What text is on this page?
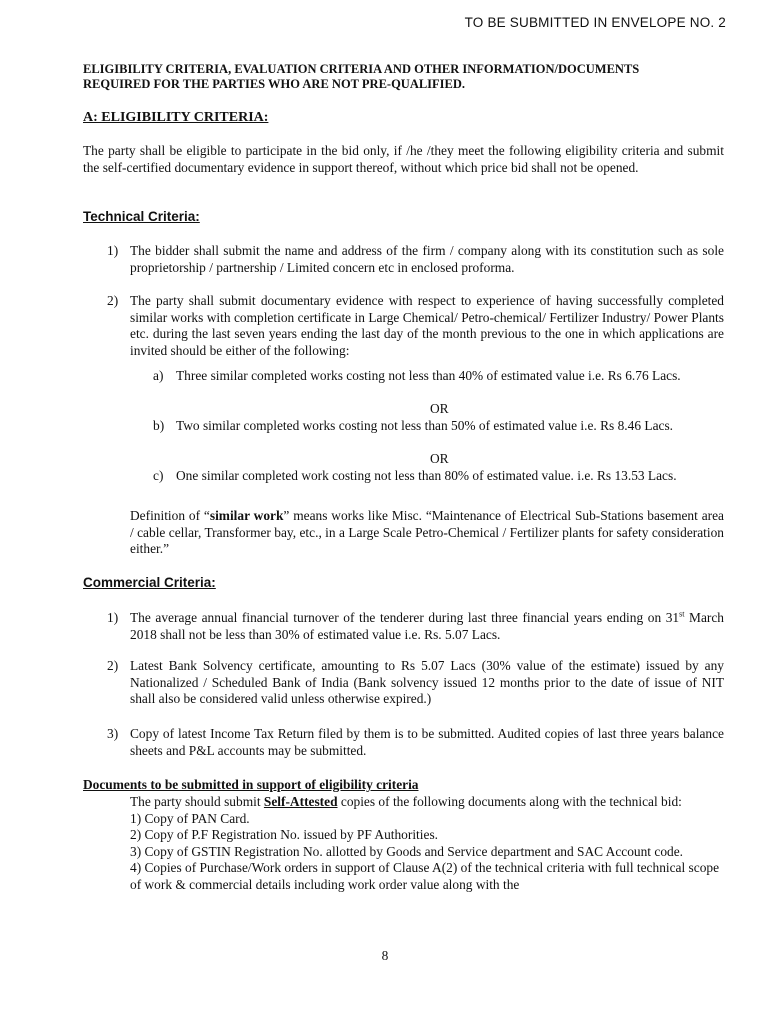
TO BE SUBMITTED IN ENVELOPE NO. 2
ELIGIBILITY CRITERIA, EVALUATION CRITERIA AND OTHER INFORMATION/DOCUMENTS
REQUIRED FOR THE PARTIES WHO ARE NOT PRE-QUALIFIED.
A: ELIGIBILITY CRITERIA:
The party shall be eligible to participate in the bid only, if /he /they meet the following eligibility criteria and submit the self-certified documentary evidence in support thereof, without which price bid shall not be opened.
Technical Criteria:
1) The bidder shall submit the name and address of the firm / company along with its constitution such as sole proprietorship / partnership / Limited concern etc in enclosed proforma.
2) The party shall submit documentary evidence with respect to experience of having successfully completed similar works with completion certificate in Large Chemical/ Petro-chemical/ Fertilizer Industry/ Power Plants etc. during the last seven years ending the last day of the month previous to the one in which applications are invited should be either of the following:
a) Three similar completed works costing not less than 40% of estimated value i.e. Rs 6.76 Lacs.
OR
b) Two similar completed works costing not less than 50% of estimated value i.e. Rs 8.46 Lacs.
OR
c) One similar completed work costing not less than 80% of estimated value. i.e. Rs 13.53 Lacs.
Definition of “similar work” means works like Misc. “Maintenance of Electrical Sub-Stations basement area / cable cellar, Transformer bay, etc., in a Large Scale Petro-Chemical / Fertilizer plants for safety consideration either.”
Commercial Criteria:
1) The average annual financial turnover of the tenderer during last three financial years ending on 31st March 2018 shall not be less than 30% of estimated value i.e. Rs. 5.07 Lacs.
2) Latest Bank Solvency certificate, amounting to Rs 5.07 Lacs (30% value of the estimate) issued by any Nationalized / Scheduled Bank of India (Bank solvency issued 12 months prior to the date of issue of NIT shall also be considered valid unless otherwise expired.)
3) Copy of latest Income Tax Return filed by them is to be submitted. Audited copies of last three years balance sheets and P&L accounts may be submitted.
Documents to be submitted in support of eligibility criteria
The party should submit Self-Attested copies of the following documents along with the technical bid:
1) Copy of PAN Card.
2) Copy of P.F Registration No. issued by PF Authorities.
3) Copy of GSTIN Registration No. allotted by Goods and Service department and SAC Account code.
4) Copies of Purchase/Work orders in support of Clause A(2) of the technical criteria with full technical scope of work & commercial details including work order value along with the
8
